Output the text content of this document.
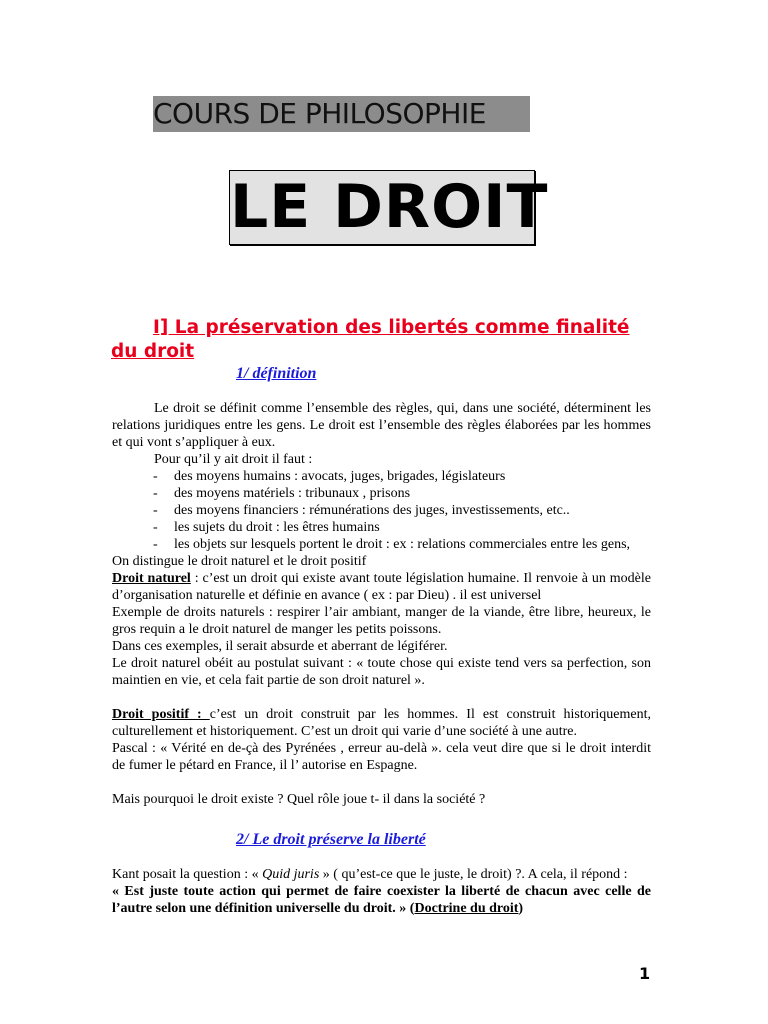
COURS DE PHILOSOPHIE
LE DROIT
I] La préservation des libertés comme finalité du droit
1/ définition

Le droit se définit comme l’ensemble des règles, qui, dans une société, déterminent les relations juridiques entre les gens. Le droit est l’ensemble des règles élaborées par les hommes et qui vont s’appliquer à eux.

Pour qu’il y ait droit il faut :

- des moyens humains : avocats, juges, brigades, législateurs
- des moyens matériels : tribunaux , prisons
- des moyens financiers : rémunérations des juges, investissements, etc..
- les sujets du droit : les êtres humains
- les objets sur lesquels portent le droit : ex : relations commerciales entre les gens,

On distingue le droit naturel et le droit positif

Droit naturel : c’est un droit qui existe avant toute législation humaine. Il renvoie à un modèle d’organisation naturelle et définie en avance ( ex : par Dieu) . il est universel

Exemple de droits naturels : respirer l’air ambiant, manger de la viande, être libre, heureux, le gros requin a le droit naturel de manger les petits poissons.

Dans ces exemples, il serait absurde et aberrant de légiférer.

Le droit naturel obéit au postulat suivant : « toute chose qui existe tend vers sa perfection, son maintien en vie, et cela fait partie de son droit naturel ».

Droit positif : c’est un droit construit par les hommes. Il est construit historiquement, culturellement et historiquement. C’est un droit qui varie d’une société à une autre.

Pascal : « Vérité en de-çà des Pyrénées , erreur au-delà ». cela veut dire que si le droit interdit de fumer le pétard en France, il l’ autorise en Espagne.

Mais pourquoi le droit existe ? Quel rôle joue t- il dans la société ?

2/ Le droit préserve la liberté

Kant posait la question : « Quid juris » ( qu’est-ce que le juste, le droit) ?. A cela, il répond :

« Est juste toute action qui permet de faire coexister la liberté de chacun avec celle de l’autre selon une définition universelle du droit. » (Doctrine du droit)

1
